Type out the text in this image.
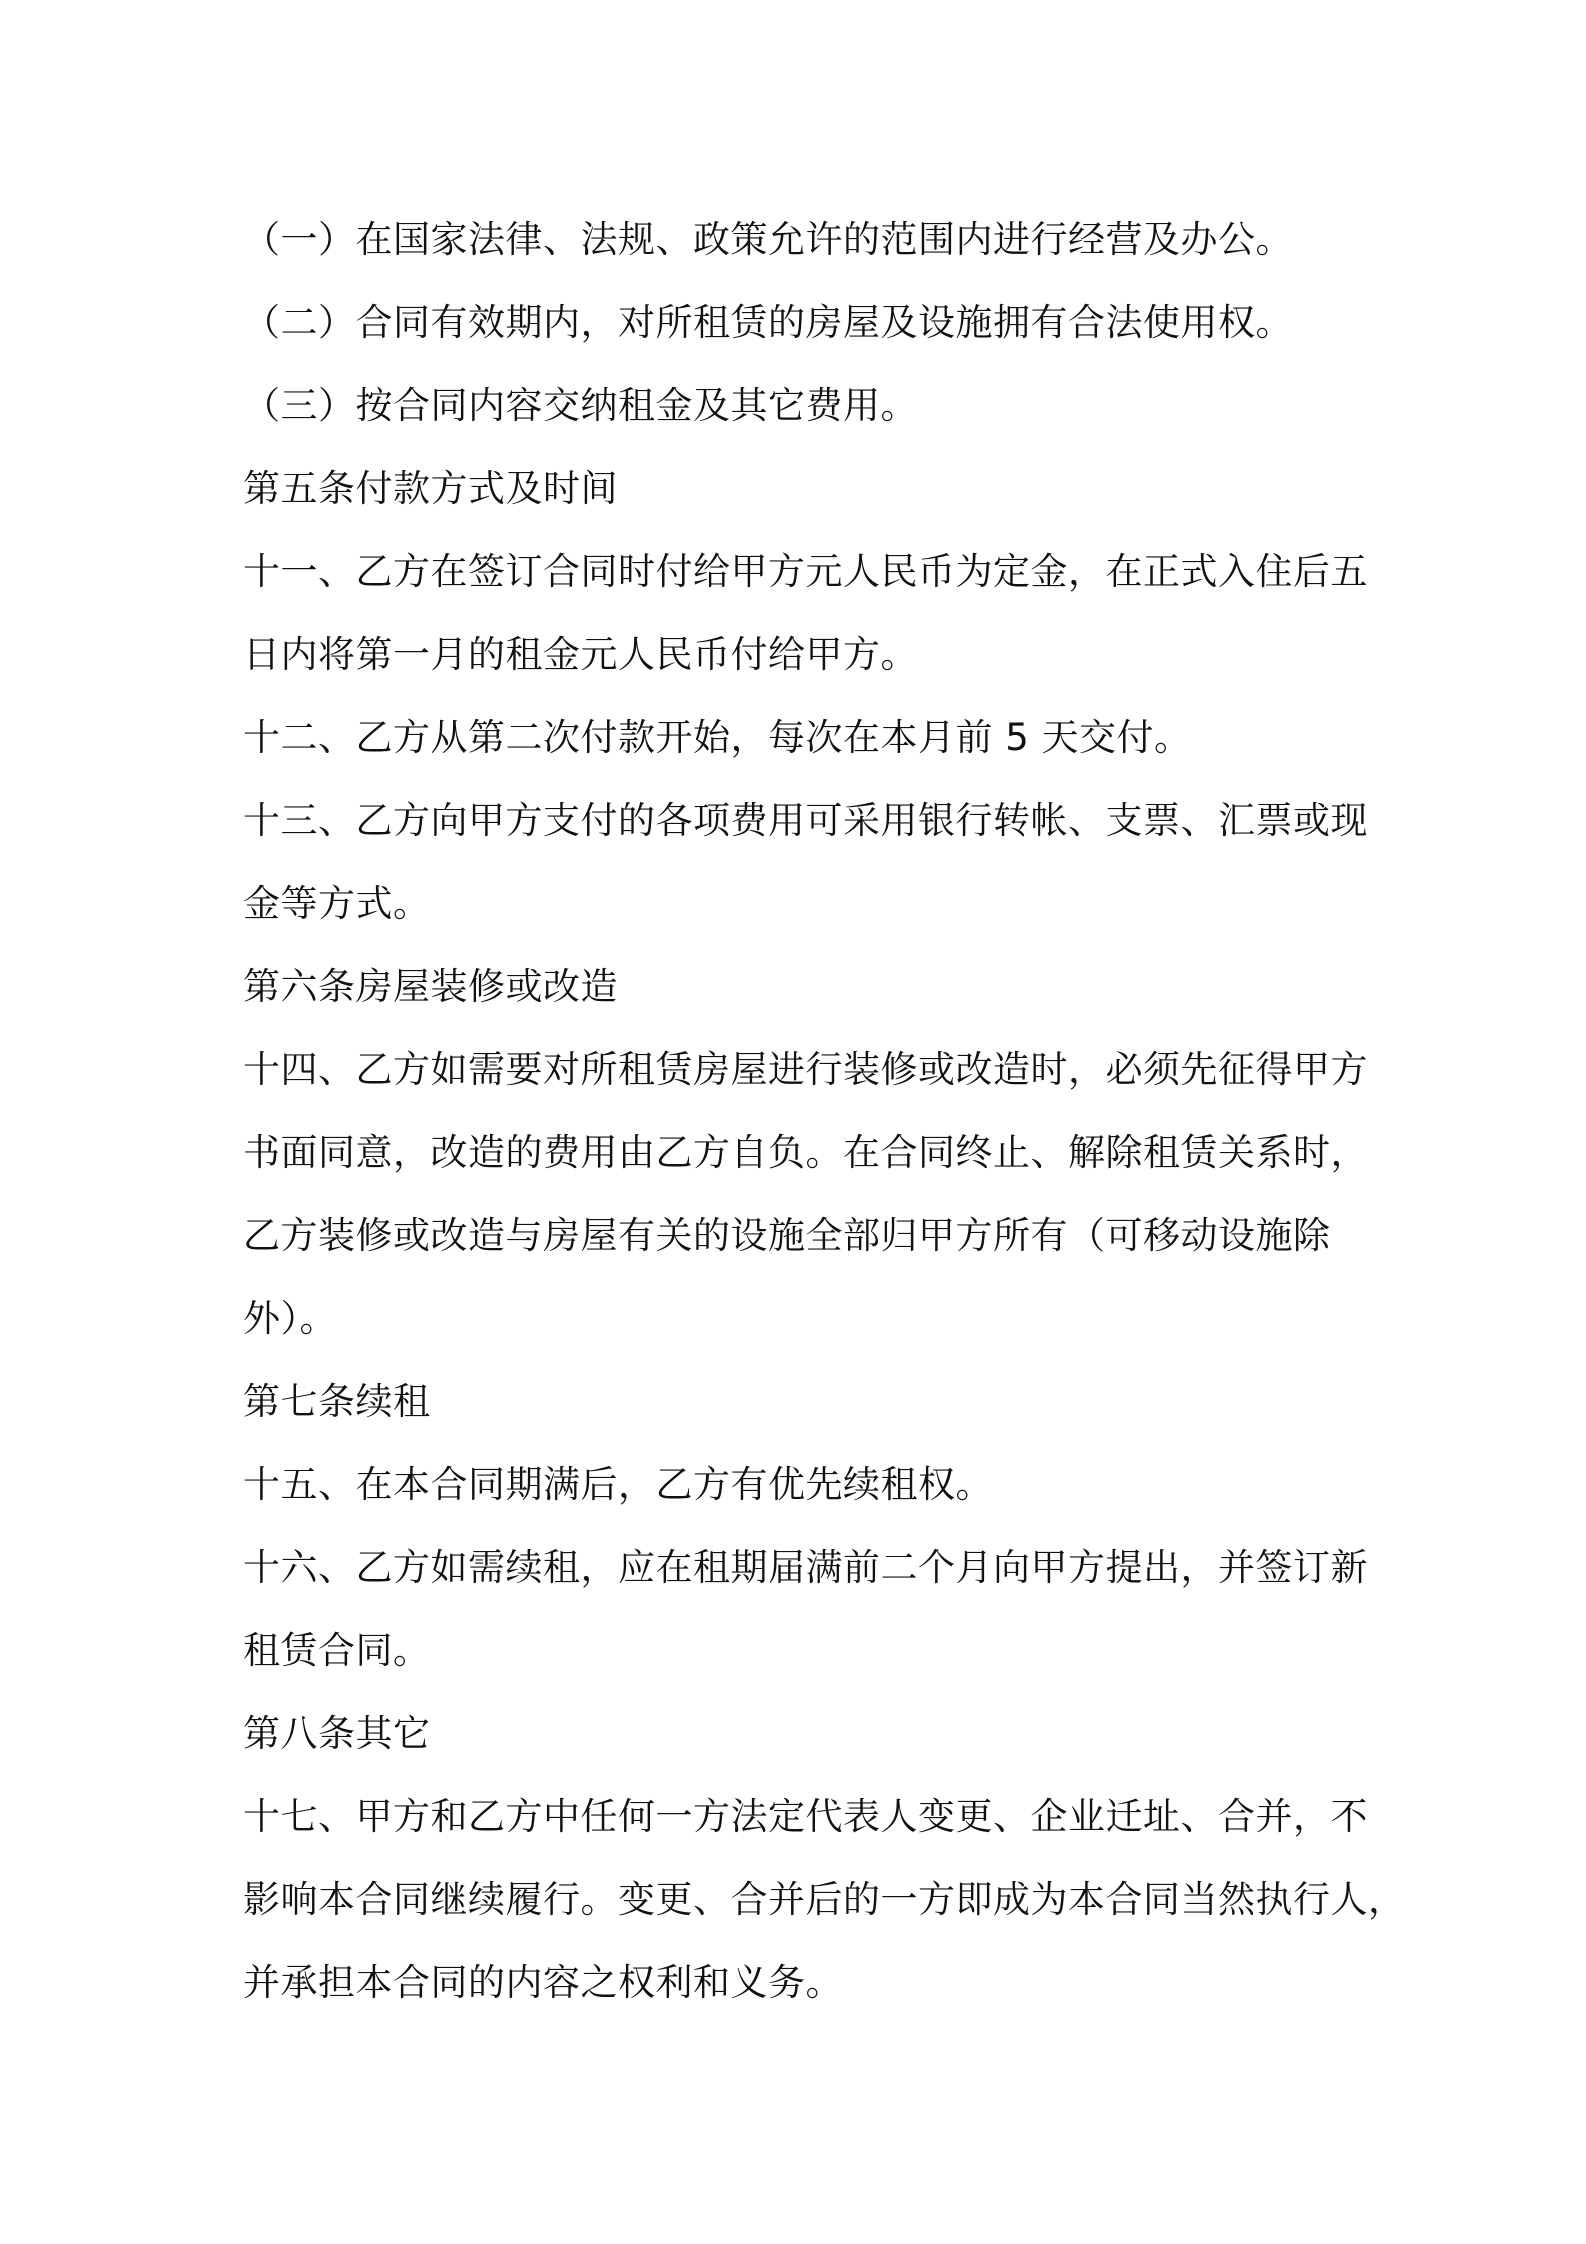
（一）在国家法律、法规、政策允许的范围内进行经营及办公。
（二）合同有效期内，对所租赁的房屋及设施拥有合法使用权。
（三）按合同内容交纳租金及其它费用。
第五条付款方式及时间
十一、乙方在签订合同时付给甲方元人民币为定金，在正式入住后五
日内将第一月的租金元人民币付给甲方。
十二、乙方从第二次付款开始，每次在本月前 5 天交付。
十三、乙方向甲方支付的各项费用可采用银行转帐、支票、汇票或现
金等方式。
第六条房屋装修或改造
十四、乙方如需要对所租赁房屋进行装修或改造时，必须先征得甲方
书面同意，改造的费用由乙方自负。在合同终止、解除租赁关系时，
乙方装修或改造与房屋有关的设施全部归甲方所有（可移动设施除
外）。
第七条续租
十五、在本合同期满后，乙方有优先续租权。
十六、乙方如需续租，应在租期届满前二个月向甲方提出，并签订新
租赁合同。
第八条其它
十七、甲方和乙方中任何一方法定代表人变更、企业迁址、合并，不
影响本合同继续履行。变更、合并后的一方即成为本合同当然执行人，
并承担本合同的内容之权利和义务。
